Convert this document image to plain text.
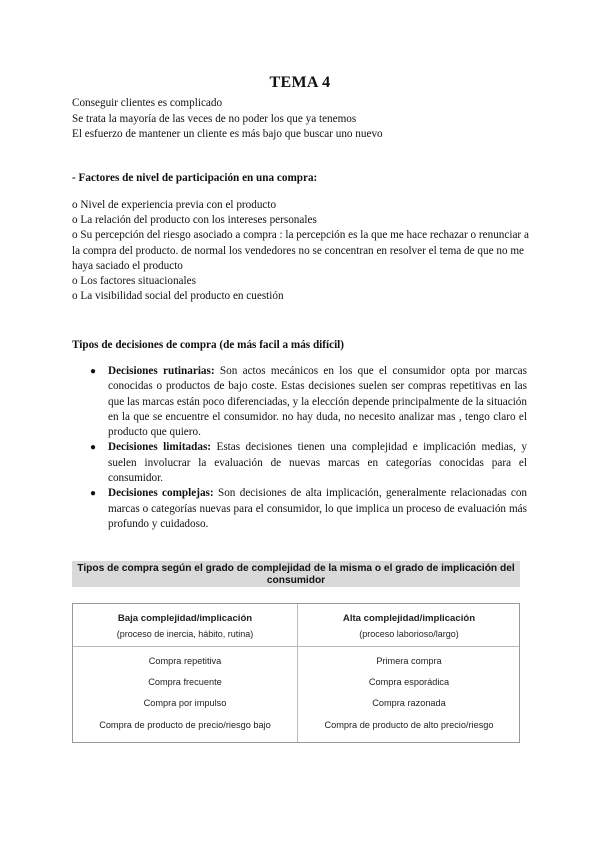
TEMA 4
Conseguir clientes es complicado
Se trata la mayoría de las veces de no poder los que ya tenemos
El esfuerzo de mantener un cliente es más bajo que buscar uno nuevo
- Factores de nivel de participación en una compra:
o Nivel de experiencia previa con el producto
o La relación del producto con los intereses personales
o Su percepción del riesgo asociado a compra : la percepción es la que me hace rechazar o renunciar a la compra del producto. de normal los vendedores no se concentran en resolver el tema de que no me haya saciado el producto
o Los factores situacionales
o La visibilidad social del producto en cuestión
Tipos de decisiones de compra (de más facil a más difícil)
● Decisiones rutinarias: Son actos mecánicos en los que el consumidor opta por marcas conocidas o productos de bajo coste. Estas decisiones suelen ser compras repetitivas en las que las marcas están poco diferenciadas, y la elección depende principalmente de la situación en la que se encuentre el consumidor. no hay duda, no necesito analizar mas , tengo claro el producto que quiero.
● Decisiones limitadas: Estas decisiones tienen una complejidad e implicación medias, y suelen involucrar la evaluación de nuevas marcas en categorías conocidas para el consumidor.
● Decisiones complejas: Son decisiones de alta implicación, generalmente relacionadas con marcas o categorías nuevas para el consumidor, lo que implica un proceso de evaluación más profundo y cuidadoso.
Tipos de compra según el grado de complejidad de la misma o el grado de implicación del consumidor
Baja complejidad/implicación
(proceso de inercia, hábito, rutina)
Alta complejidad/implicación
(proceso laborioso/largo)
Compra repetitiva
Compra frecuente
Compra por impulso
Compra de producto de precio/riesgo bajo
Primera compra
Compra esporádica
Compra razonada
Compra de producto de alto precio/riesgo
